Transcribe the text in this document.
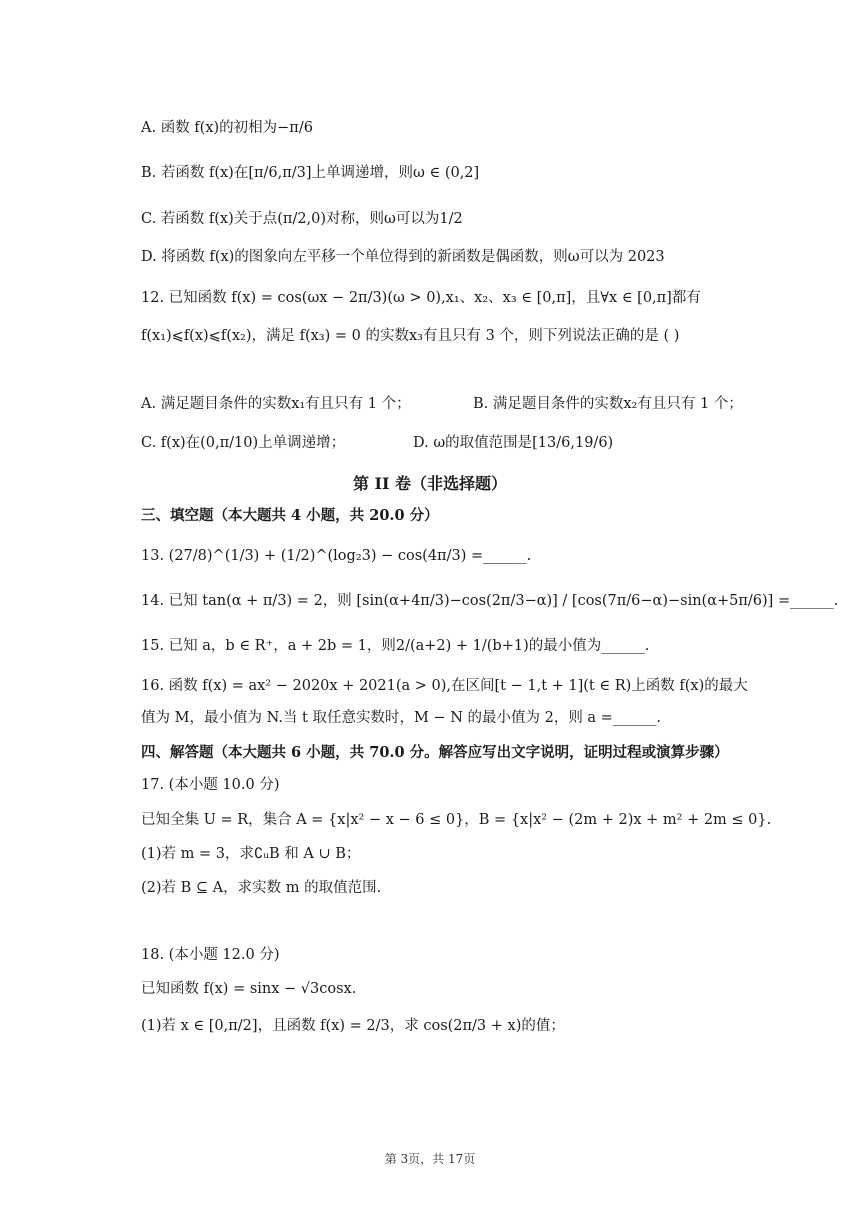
A. 函数 f(x)的初相为−π/6
B. 若函数 f(x)在[π/6,π/3]上单调递增，则ω ∈ (0,2]
C. 若函数 f(x)关于点(π/2,0)对称，则ω可以为1/2
D. 将函数 f(x)的图象向左平移一个单位得到的新函数是偶函数，则ω可以为 2023
12. 已知函数 f(x) = cos(ωx − 2π/3)(ω > 0),x₁、x₂、x₃ ∈ [0,π]，且∀x ∈ [0,π]都有
f(x₁)⩽f(x)⩽f(x₂)，满足 f(x₃) = 0 的实数x₃有且只有 3 个，则下列说法正确的是 ( )
A. 满足题目条件的实数x₁有且只有 1 个；	B. 满足题目条件的实数x₂有且只有 1 个；
C. f(x)在(0,π/10)上单调递增；	D. ω的取值范围是[13/6,19/6)
第 II 卷（非选择题）
三、填空题（本大题共 4 小题，共 20.0 分）
13. (27/8)^(1/3) + (1/2)^(log₂3) − cos(4π/3) =______.
14. 已知 tan(α + π/3) = 2，则 [sin(α+4π/3)−cos(2π/3−α)] / [cos(7π/6−α)−sin(α+5π/6)] =______.
15. 已知 a，b ∈ R⁺，a + 2b = 1，则2/(a+2) + 1/(b+1)的最小值为______.
16. 函数 f(x) = ax² − 2020x + 2021(a > 0),在区间[t − 1,t + 1](t ∈ R)上函数 f(x)的最大
值为 M，最小值为 N.当 t 取任意实数时，M − N 的最小值为 2，则 a =______.
四、解答题（本大题共 6 小题，共 70.0 分。解答应写出文字说明，证明过程或演算步骤）
17. (本小题 10.0 分)
已知全集 U = R，集合 A = {x|x² − x − 6 ≤ 0}，B = {x|x² − (2m + 2)x + m² + 2m ≤ 0}.
(1)若 m = 3，求∁ᵤB 和 A ∪ B；
(2)若 B ⊆ A，求实数 m 的取值范围.
18. (本小题 12.0 分)
已知函数 f(x) = sinx − √3cosx.
(1)若 x ∈ [0,π/2]，且函数 f(x) = 2/3，求 cos(2π/3 + x)的值；
第 3页，共 17页
